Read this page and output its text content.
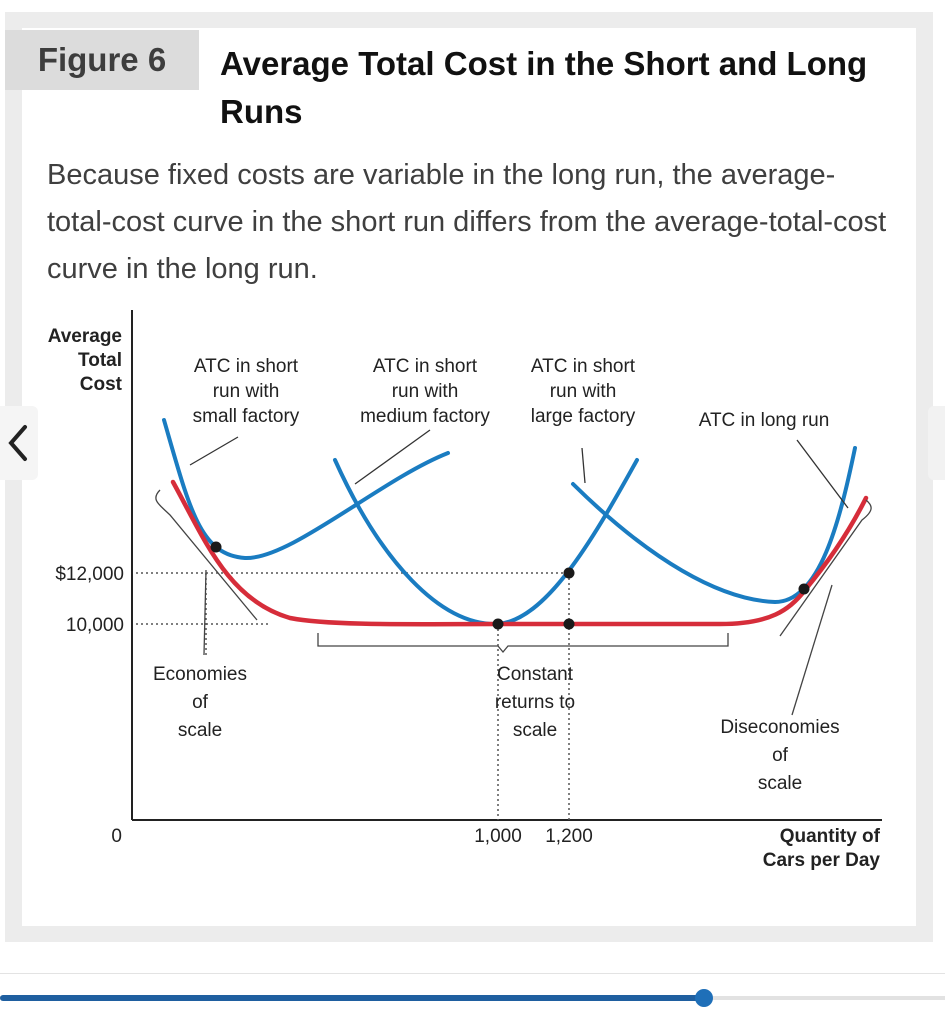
Figure 6	Average Total Cost in the Short and Long Runs
Because fixed costs are variable in the long run, the average-total-cost curve in the short run differs from the average-total-cost curve in the long run.
Average
Total
Cost
0
$12,000
10,000
1,000 1,200	Quantity of
Cars per Day
ATC in short
run with
small factory
ATC in short
run with
medium factory
ATC in short
run with
large factory	ATC in long run
Economies
of
scale
Constant
returns to
scale	Diseconomies
of
scale
